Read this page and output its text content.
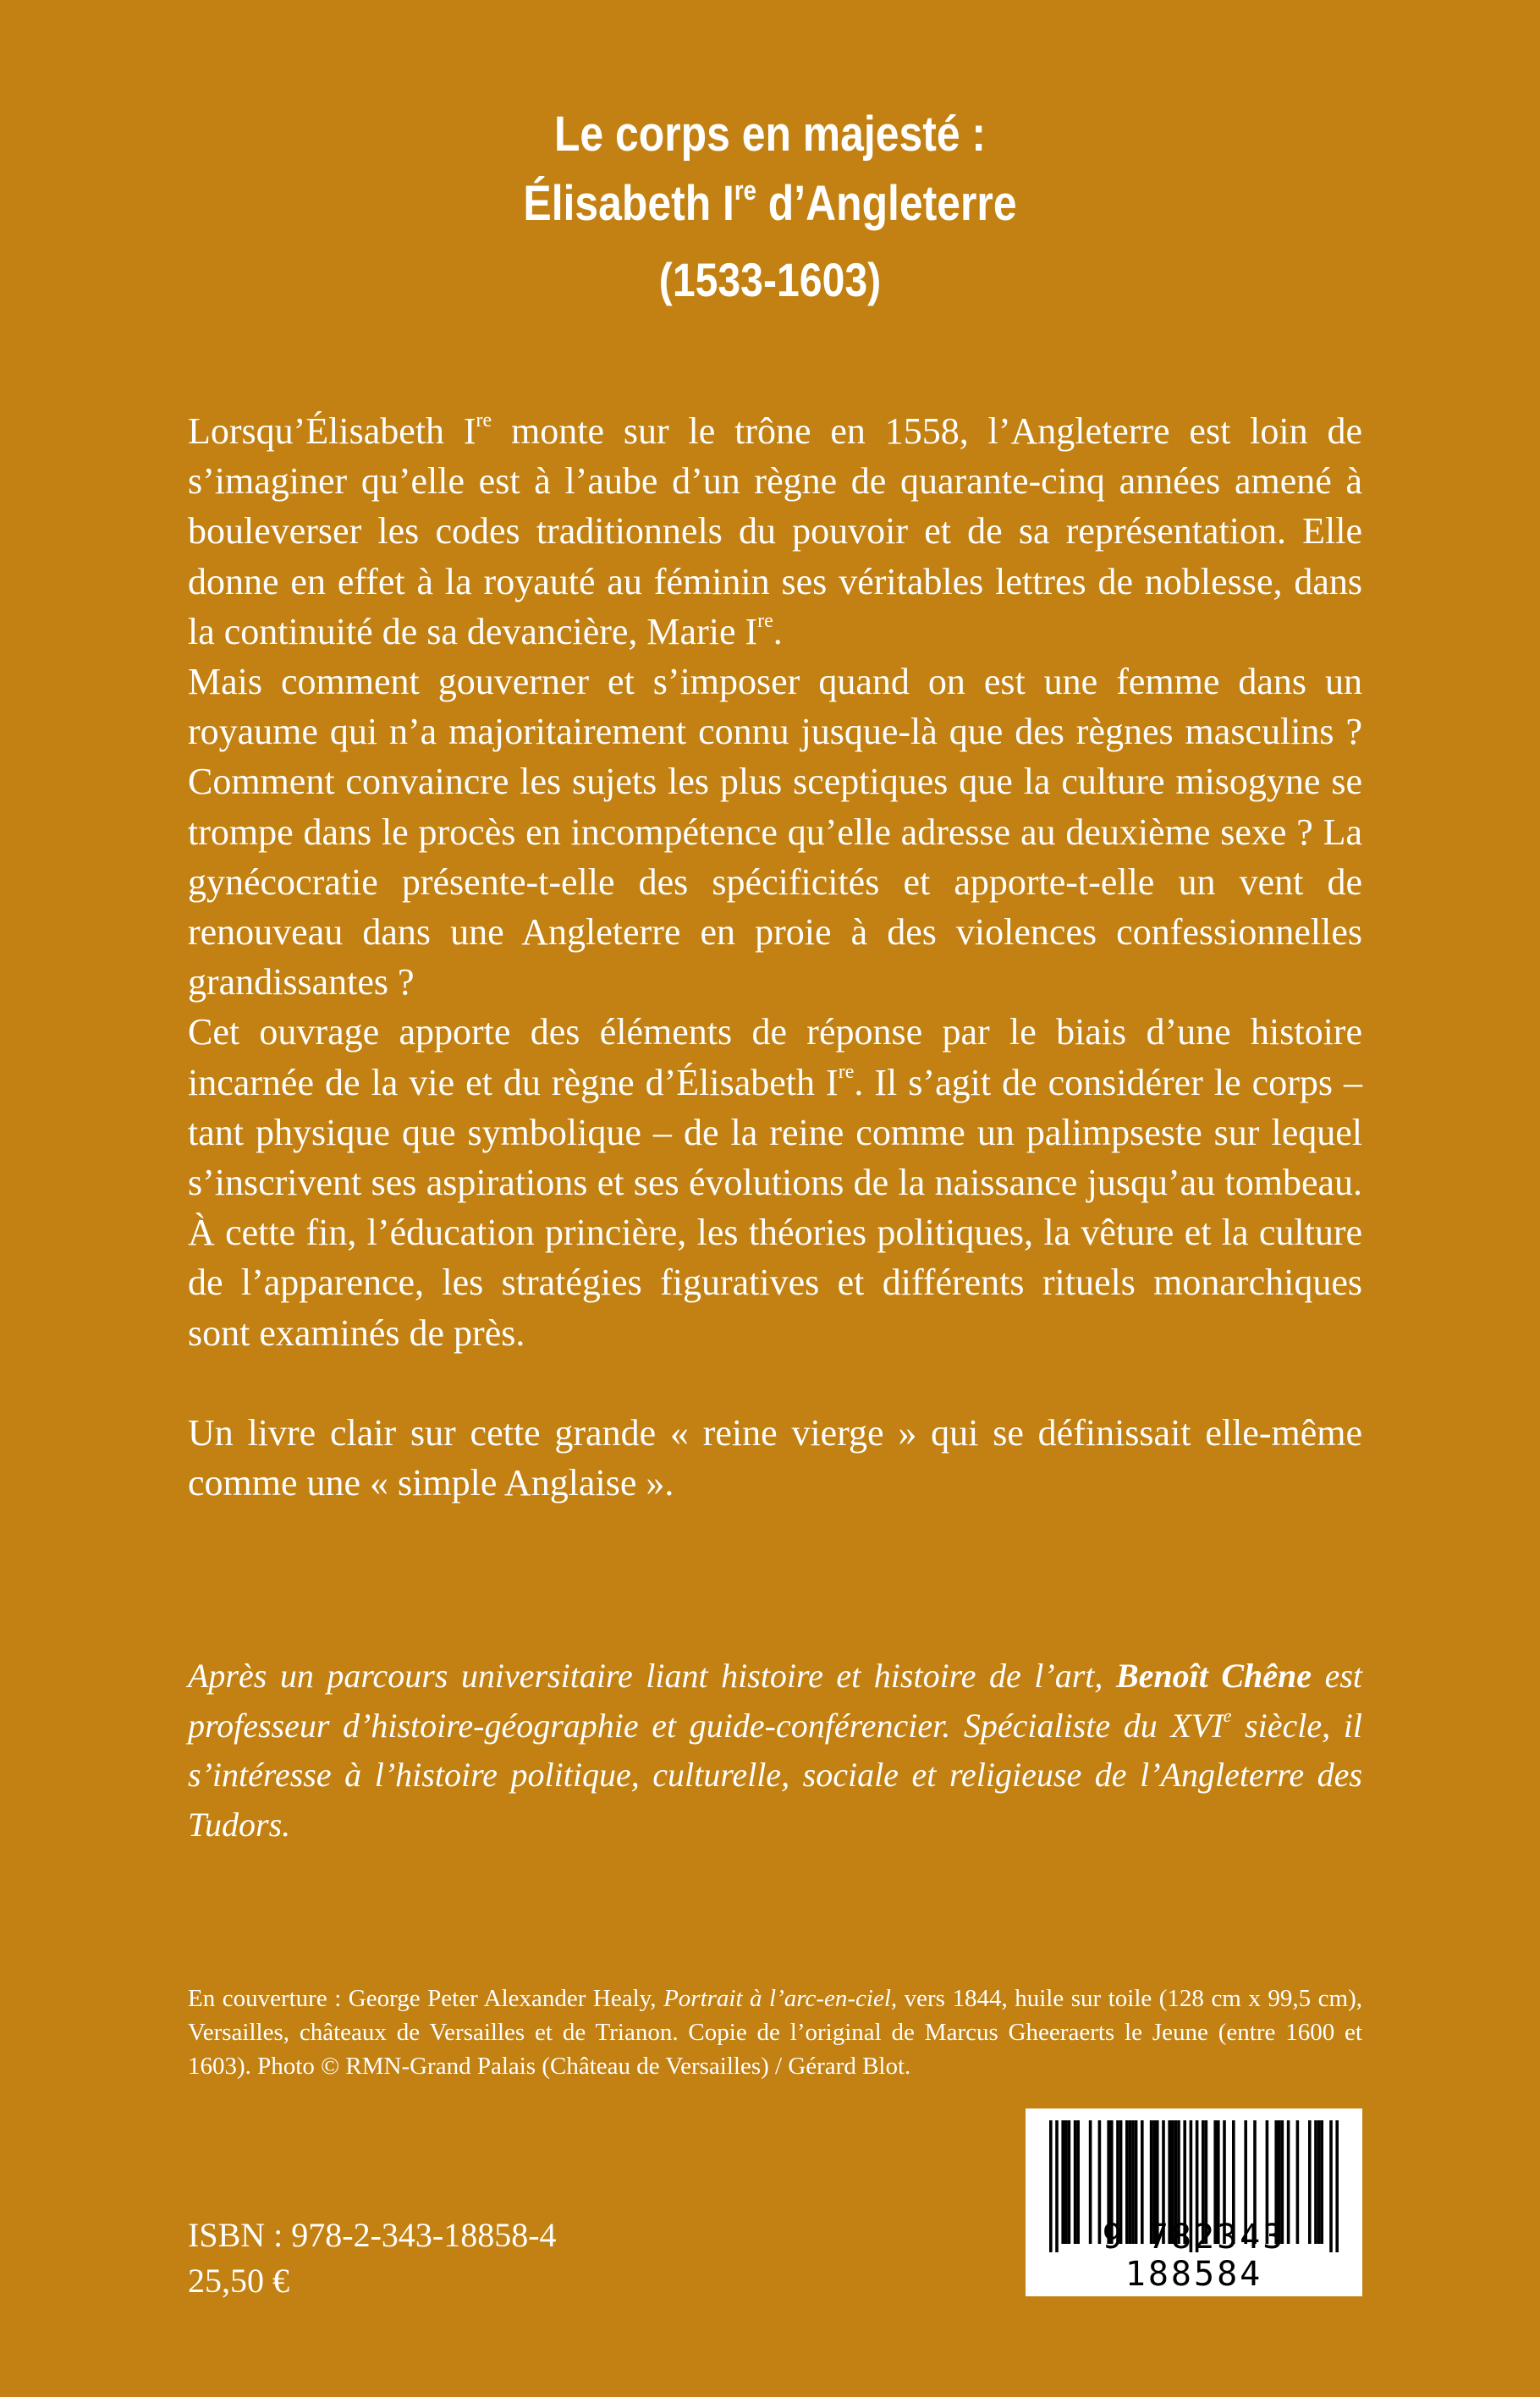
Le corps en majesté :
Élisabeth Ire d’Angleterre
(1533-1603)

Lorsqu’Élisabeth Ire monte sur le trône en 1558, l’Angleterre est loin de s’imaginer qu’elle est à l’aube d’un règne de quarante-cinq années amené à bouleverser les codes traditionnels du pouvoir et de sa représentation. Elle donne en effet à la royauté au féminin ses véritables lettres de noblesse, dans la continuité de sa devancière, Marie Ire.

Mais comment gouverner et s’imposer quand on est une femme dans un royaume qui n’a majoritairement connu jusque-là que des règnes masculins ? Comment convaincre les sujets les plus sceptiques que la culture misogyne se trompe dans le procès en incompétence qu’elle adresse au deuxième sexe ? La gynécocratie présente-t-elle des spécificités et apporte-t-elle un vent de renouveau dans une Angleterre en proie à des violences confessionnelles grandissantes ?

Cet ouvrage apporte des éléments de réponse par le biais d’une histoire incarnée de la vie et du règne d’Élisabeth Ire. Il s’agit de considérer le corps – tant physique que symbolique – de la reine comme un palimpseste sur lequel s’inscrivent ses aspirations et ses évolutions de la naissance jusqu’au tombeau. À cette fin, l’éducation princière, les théories politiques, la vêture et la culture de l’apparence, les stratégies figuratives et différents rituels monarchiques sont examinés de près.

Un livre clair sur cette grande « reine vierge » qui se définissait elle-même comme une « simple Anglaise ».

Après un parcours universitaire liant histoire et histoire de l’art, Benoît Chêne est professeur d’histoire-géographie et guide-conférencier. Spécialiste du XVIe siècle, il s’intéresse à l’histoire politique, culturelle, sociale et religieuse de l’Angleterre des Tudors.

En couverture : George Peter Alexander Healy, Portrait à l’arc-en-ciel, vers 1844, huile sur toile (128 cm x 99,5 cm), Versailles, châteaux de Versailles et de Trianon. Copie de l’original de Marcus Gheeraerts le Jeune (entre 1600 et 1603). Photo © RMN-Grand Palais (Château de Versailles) / Gérard Blot.

ISBN : 978-2-343-18858-4
25,50 €
9 782343 188584
